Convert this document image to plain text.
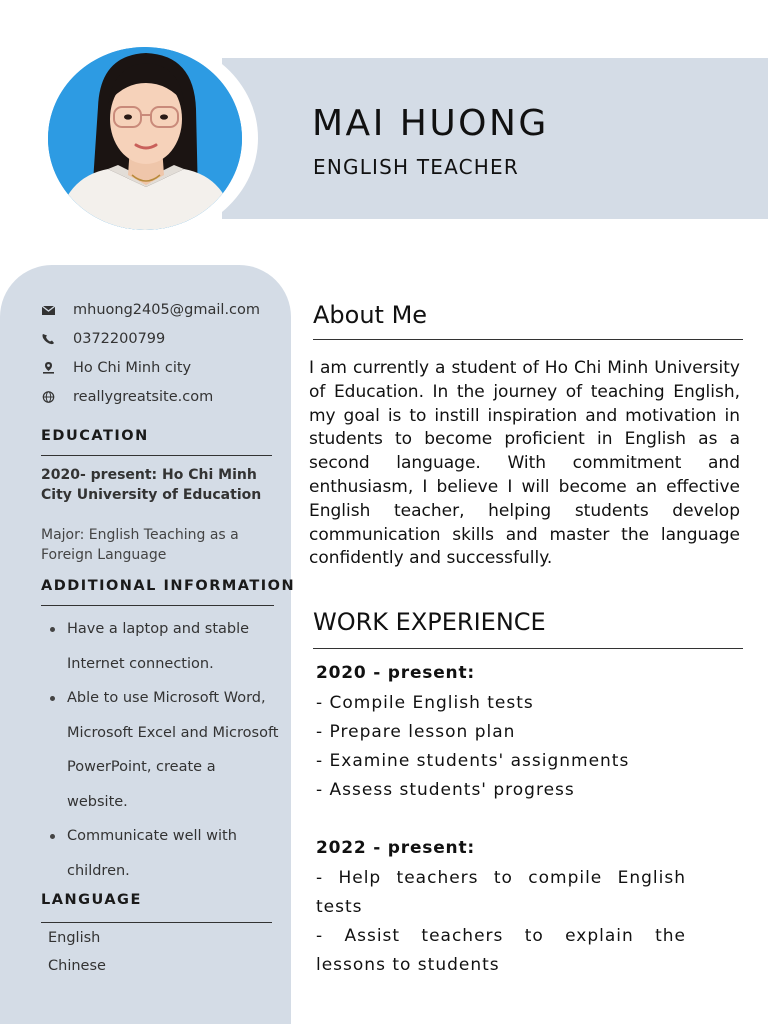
MAI HUONG
ENGLISH TEACHER
mhuong2405@gmail.com
0372200799
Ho Chi Minh city
reallygreatsite.com
EDUCATION
2020- present: Ho Chi Minh City University of Education
Major: English Teaching as a Foreign Language
ADDITIONAL INFORMATION
Have a laptop and stable Internet connection.
Able to use Microsoft Word, Microsoft Excel and Microsoft PowerPoint, create a website.
Communicate well with children.
LANGUAGE
English
Chinese
About Me

I am currently a student of Ho Chi Minh University of Education. In the journey of teaching English, my goal is to instill inspiration and motivation in students to become proficient in English as a second language. With commitment and enthusiasm, I believe I will become an effective English teacher, helping students develop communication skills and master the language confidently and successfully.

WORK EXPERIENCE
2020 - present:
- Compile English tests
- Prepare lesson plan
- Examine students' assignments
- Assess students' progress
2022 - present:
- Help teachers to compile English tests
- Assist teachers to explain the lessons to students
